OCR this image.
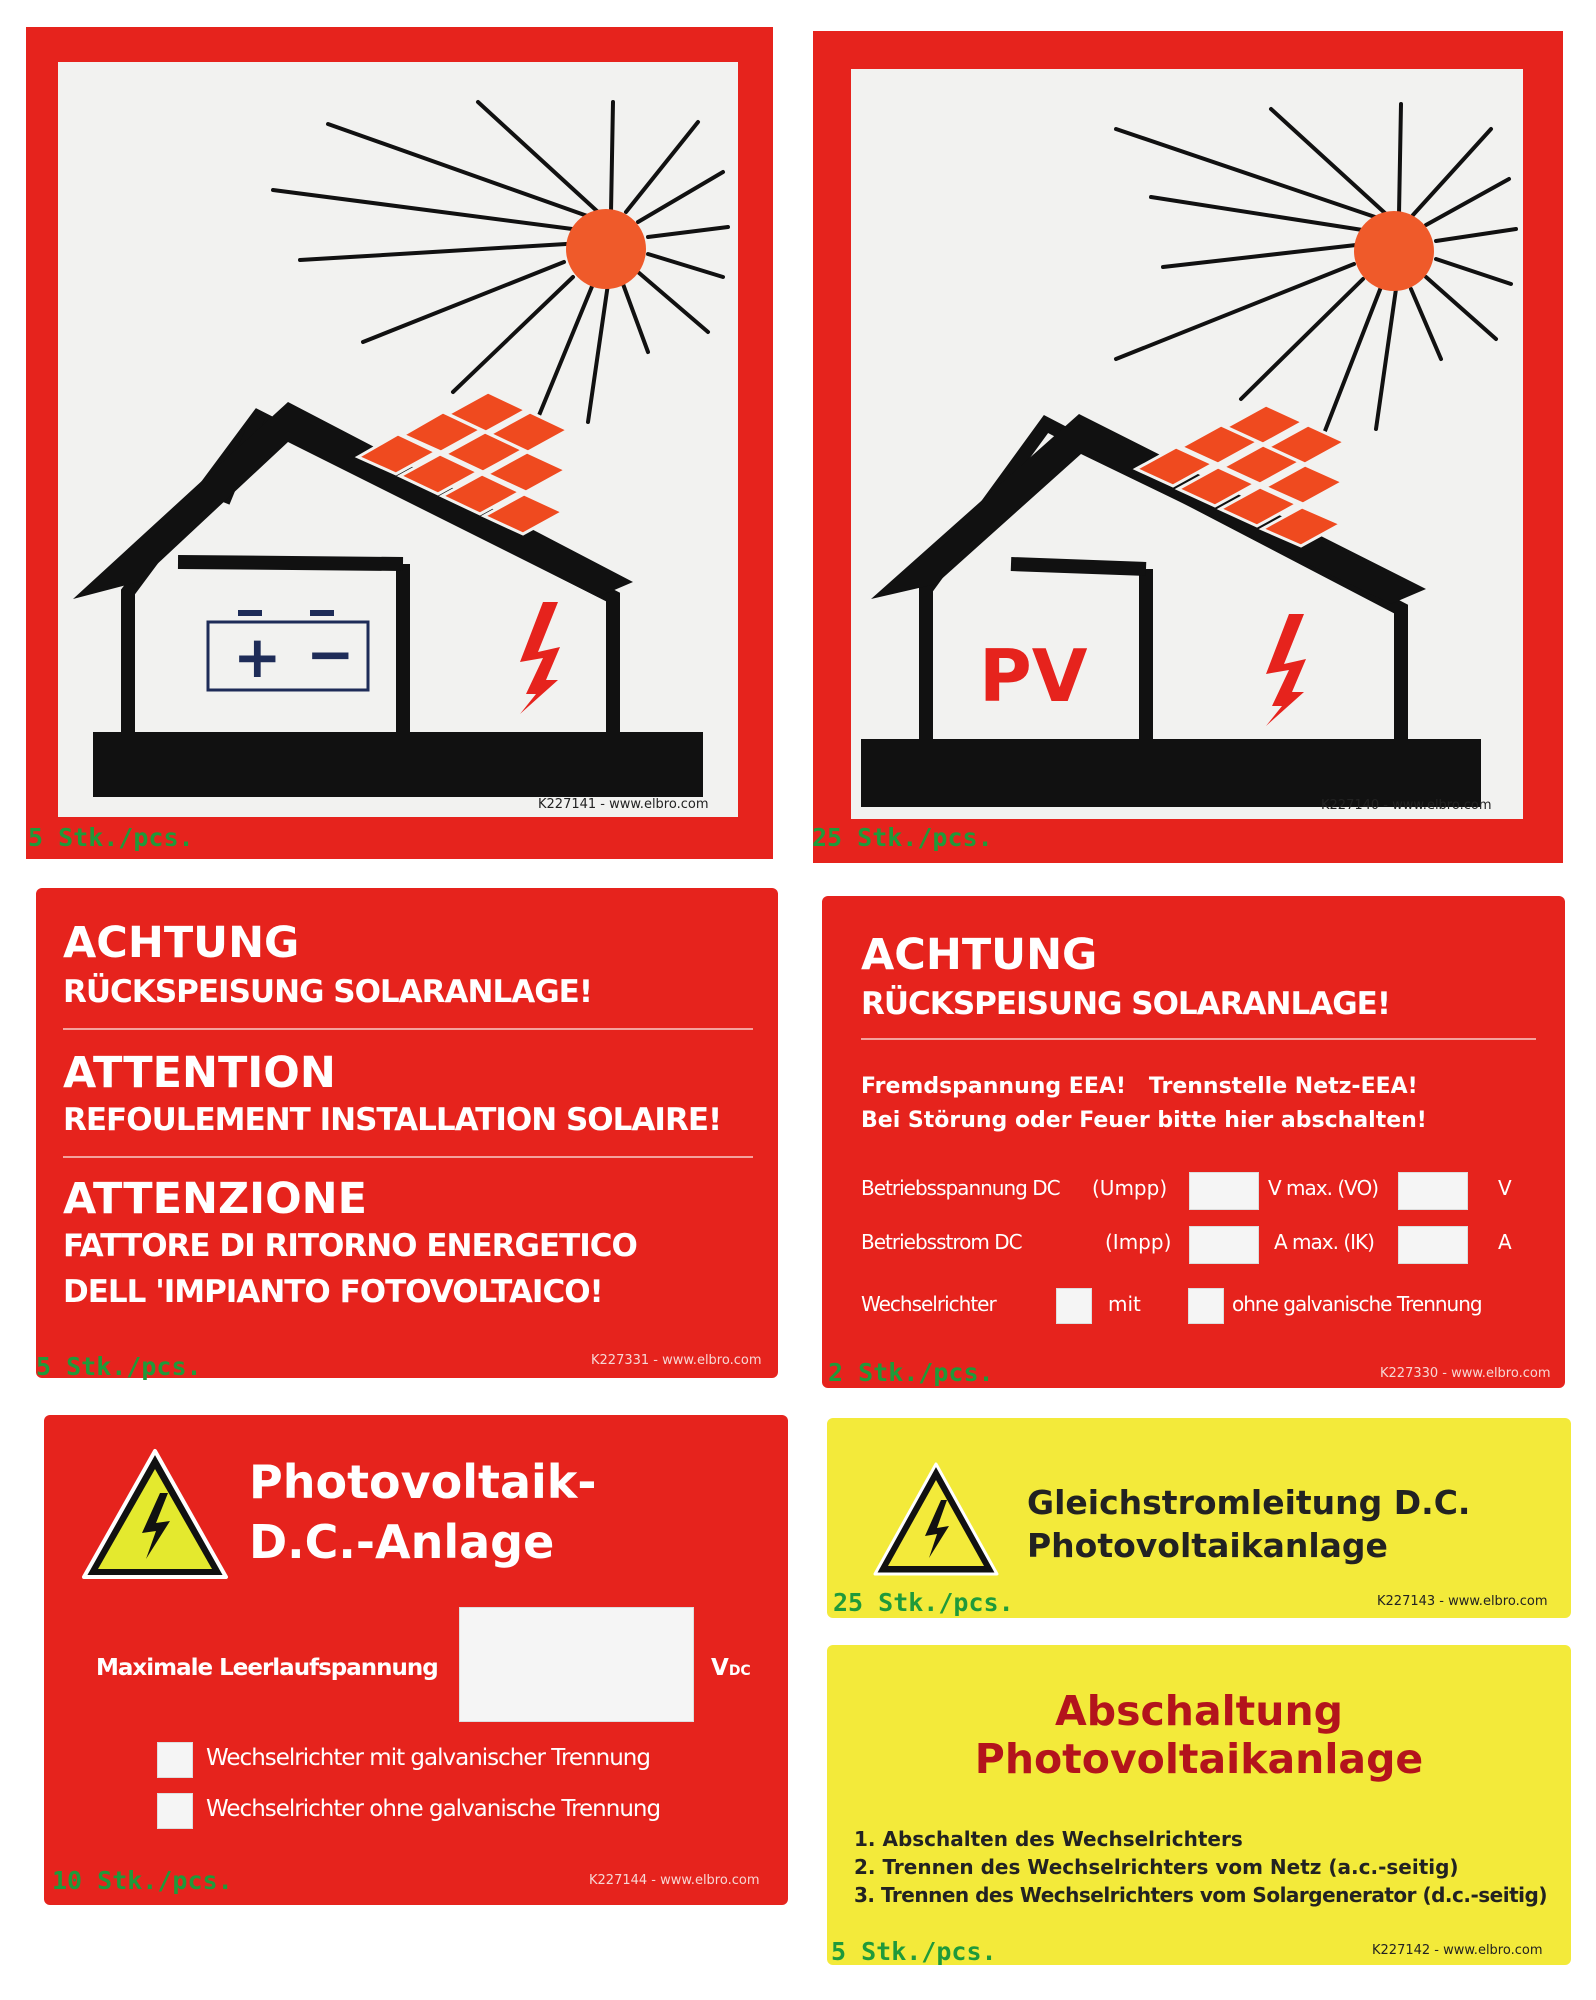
+ −
K227141 - www.elbro.com
5 Stk./pcs.
PV
K227140 - www.elbro.com
25 Stk./pcs.
ACHTUNG
RÜCKSPEISUNG SOLARANLAGE!
ATTENTION
REFOULEMENT INSTALLATION SOLAIRE!
ATTENZIONE
FATTORE DI RITORNO ENERGETICO
DELL 'IMPIANTO FOTOVOLTAICO!
K227331 - www.elbro.com
5 Stk./pcs.
ACHTUNG
RÜCKSPEISUNG SOLARANLAGE!
Fremdspannung EEA!   Trennstelle Netz-EEA!
Bei Störung oder Feuer bitte hier abschalten!
Betriebsspannung DC (Umpp)	V max. (VO)	V
Betriebsstrom DC	(Impp)	A max. (IK)	A
Wechselrichter	mit	ohne galvanische Trennung
K227330 - www.elbro.com
2 Stk./pcs.
Photovoltaik-
D.C.-Anlage
Maximale Leerlaufspannung	VDC
Wechselrichter mit galvanischer Trennung
Wechselrichter ohne galvanische Trennung
K227144 - www.elbro.com
10 Stk./pcs.
Gleichstromleitung D.C.
Photovoltaikanlage
K227143 - www.elbro.com
25 Stk./pcs.
Abschaltung
Photovoltaikanlage
1. Abschalten des Wechselrichters
2. Trennen des Wechselrichters vom Netz (a.c.-seitig)
3. Trennen des Wechselrichters vom Solargenerator (d.c.-seitig)
K227142 - www.elbro.com
5 Stk./pcs.
